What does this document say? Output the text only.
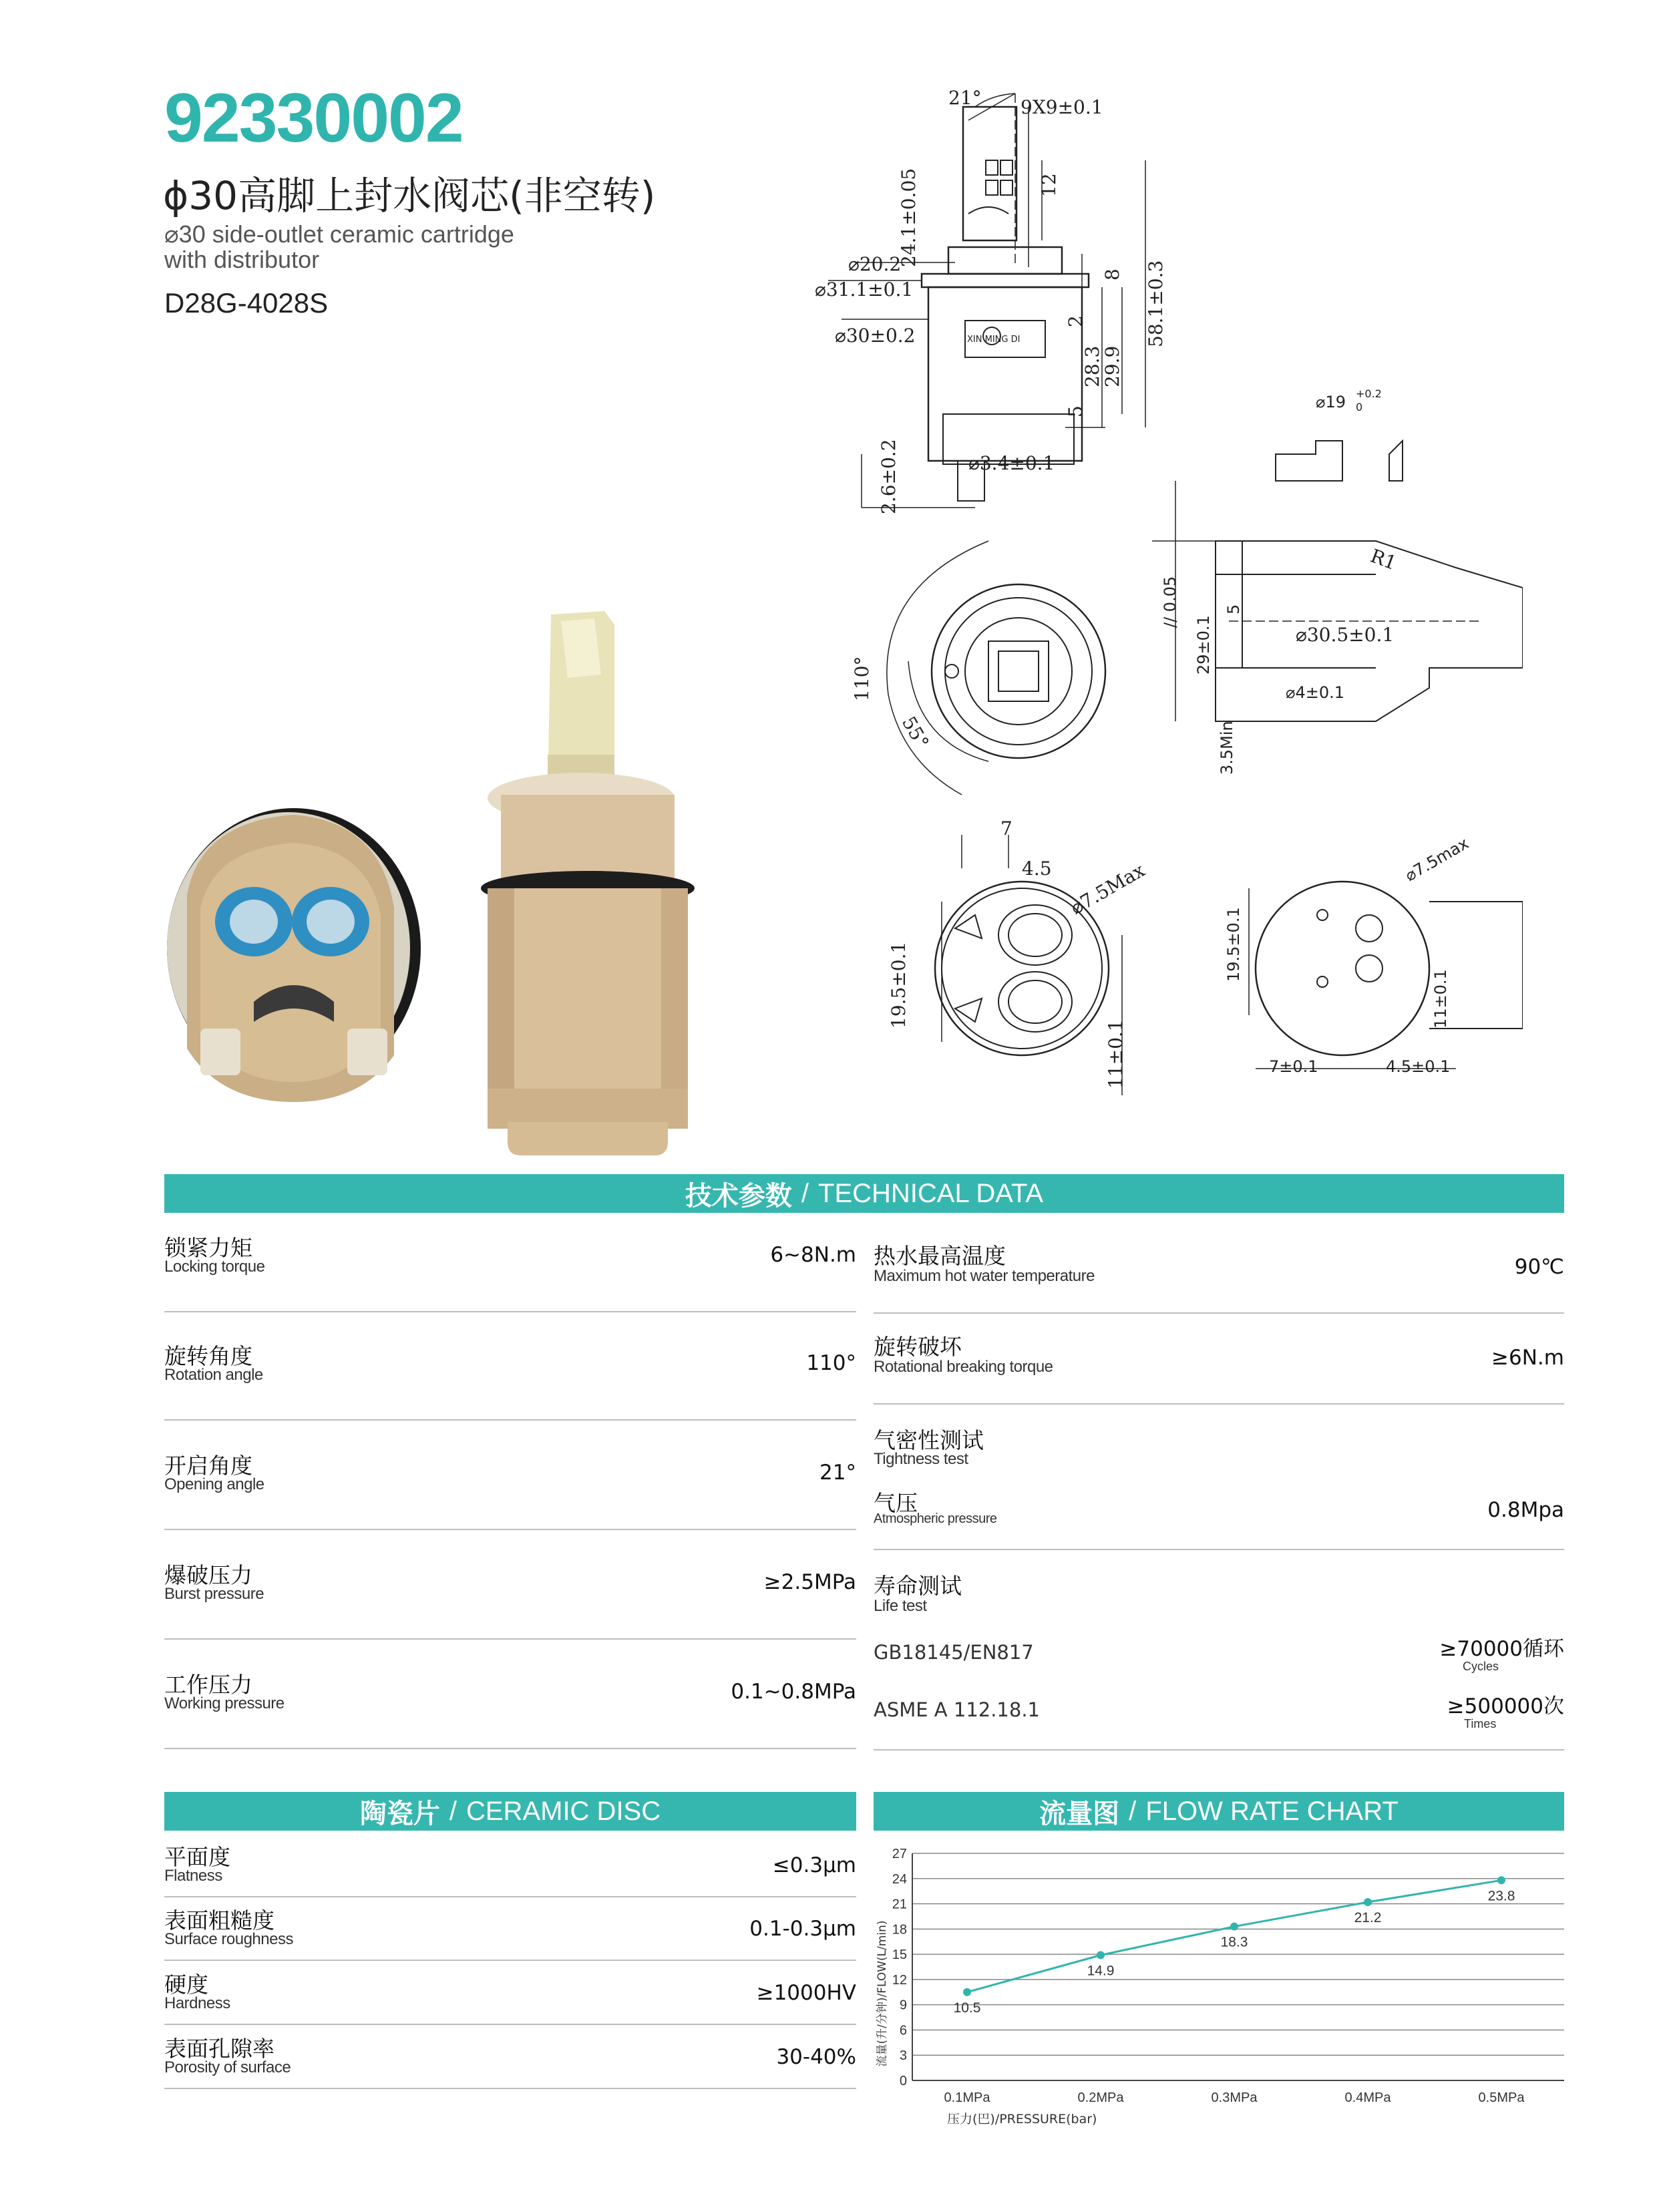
92330002
ϕ30高脚上封水阀芯(非空转)
⌀30 side-outlet ceramic cartridge
with distributor
D28G-4028S
21° 9X9±0.1
24.1±0.05	12
⌀20.2
⌀31.1±0.1
⌀30±0.2
8
2
28.3
29.9
58.1±0.3
5
2.6±0.2	⌀3.4±0.1
XIN MING DI
⌀19 +0.2
0
R1
// 0.05
29±0.1
5
⌀30.5±0.1
⌀4±0.1
3.5Min
110°
55°
7
4.5 ⌀7.5Max
19.5±0.1
11±0.1
⌀7.5max
19.5±0.1
11±0.1
7±0.1	4.5±0.1
技术参数 / TECHNICAL DATA
锁紧力矩
Locking torque	6~8N.m
旋转角度
Rotation angle	110°
开启角度
Opening angle	21°
爆破压力
Burst pressure	≥2.5MPa
工作压力
Working pressure	0.1~0.8MPa
热水最高温度
Maximum hot water temperature	90℃
旋转破坏
Rotational breaking torque	≥6N.m
气密性测试
Tightness test
气压
Atmospheric pressure	0.8Mpa
寿命测试
Life test
GB18145/EN817	≥70000循环
Cycles
ASME A 112.18.1	≥500000次
Times
陶瓷片 / CERAMIC DISC
平面度
Flatness	≤0.3μm
表面粗糙度
Surface roughness	0.1-0.3μm
硬度
Hardness	≥1000HV
表面孔隙率
Porosity of surface	30-40%
流量图 / FLOW RATE CHART
0
3
6
9
12
15
18
21
24
27
0.1MPa	0.2MPa	0.3MPa	0.4MPa	0.5MPa
压力(巴)/PRESSURE(bar)
流量(升/分钟)/FLOW(L/min)	10.5
14.9
18.3
21.2
23.8
